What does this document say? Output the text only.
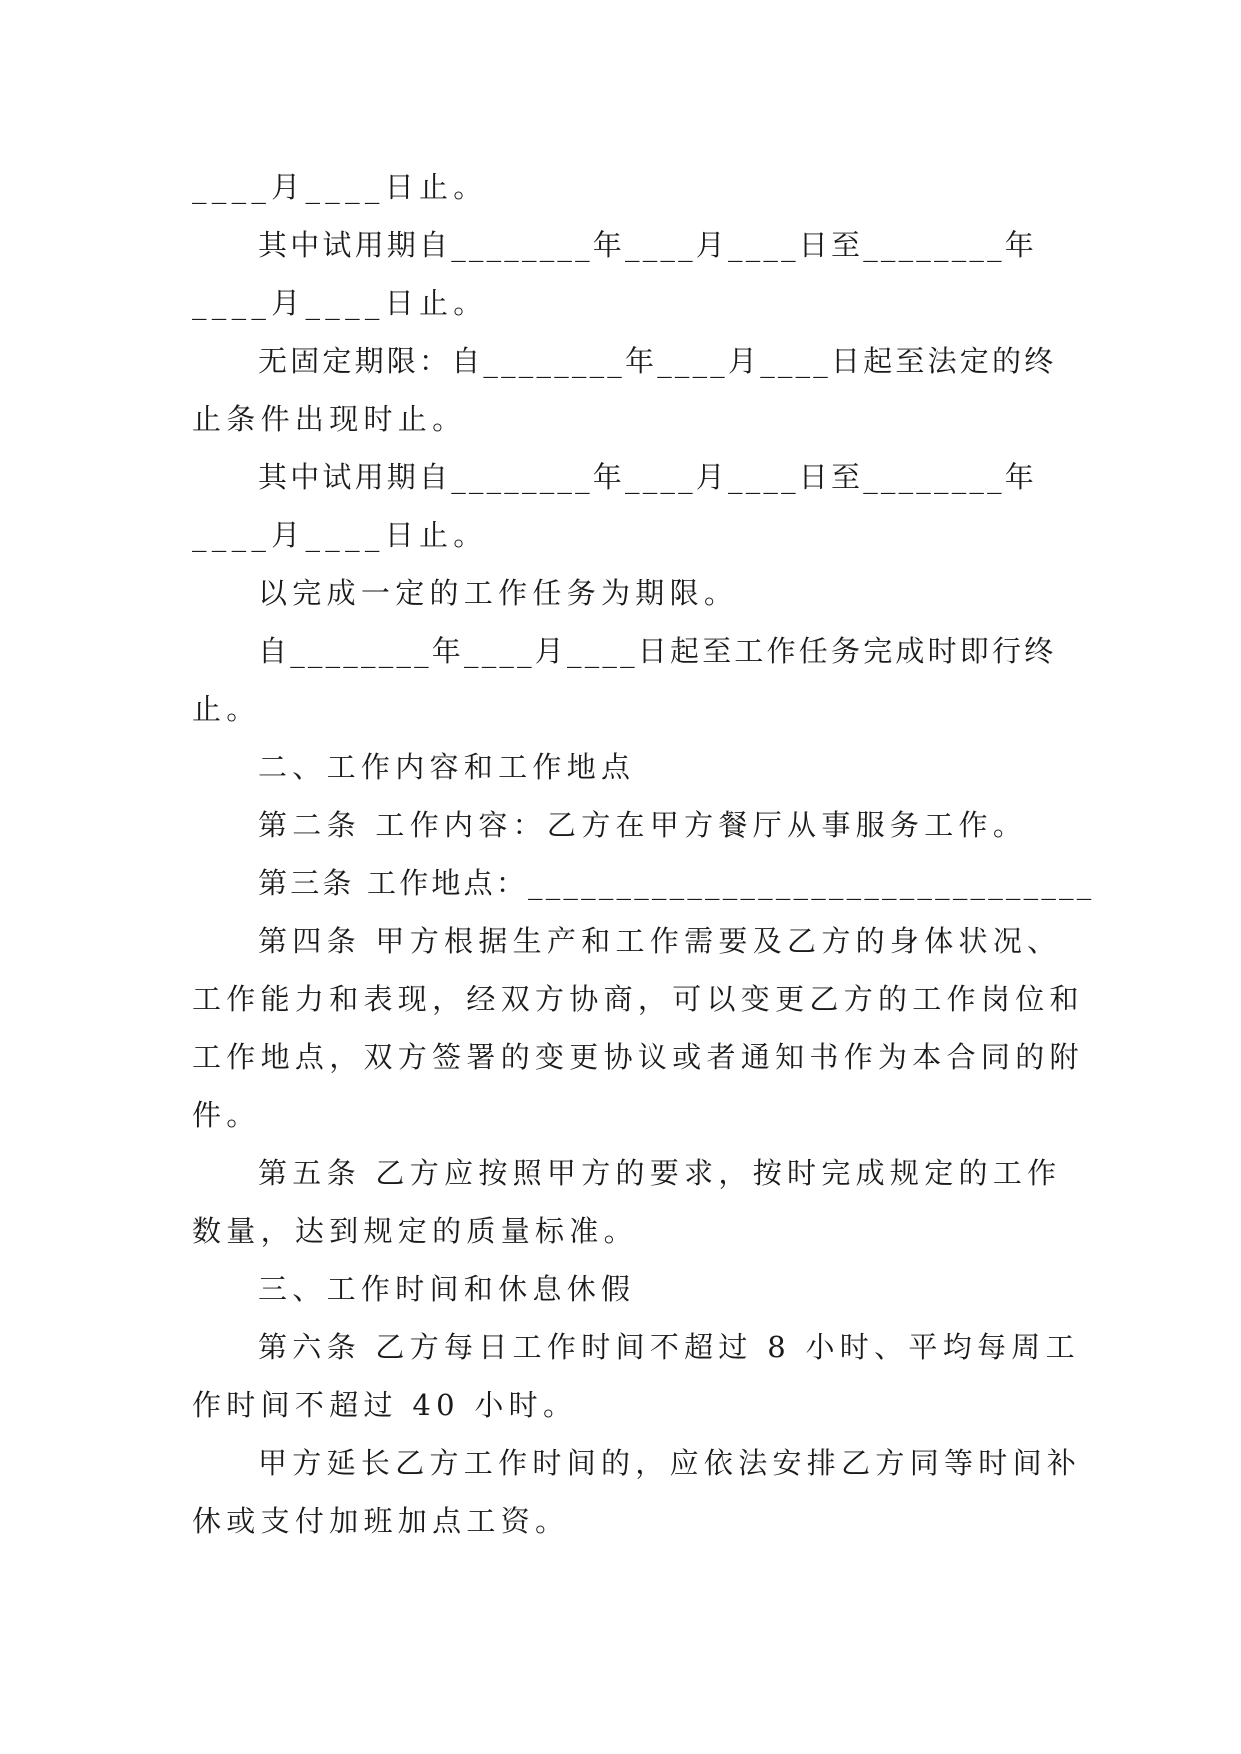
____月____日止。
其中试用期自________年____月____日至________年
____月____日止。
无固定期限：自________年____月____日起至法定的终
止条件出现时止。
其中试用期自________年____月____日至________年
____月____日止。
以完成一定的工作任务为期限。
自________年____月____日起至工作任务完成时即行终
止。
二、工作内容和工作地点
第二条 工作内容：乙方在甲方餐厅从事服务工作。
第三条 工作地点：________________________________
第四条 甲方根据生产和工作需要及乙方的身体状况、
工作能力和表现，经双方协商，可以变更乙方的工作岗位和
工作地点，双方签署的变更协议或者通知书作为本合同的附
件。
第五条 乙方应按照甲方的要求，按时完成规定的工作
数量，达到规定的质量标准。
三、工作时间和休息休假
第六条 乙方每日工作时间不超过 8 小时、平均每周工
作时间不超过 40 小时。
甲方延长乙方工作时间的，应依法安排乙方同等时间补
休或支付加班加点工资。
